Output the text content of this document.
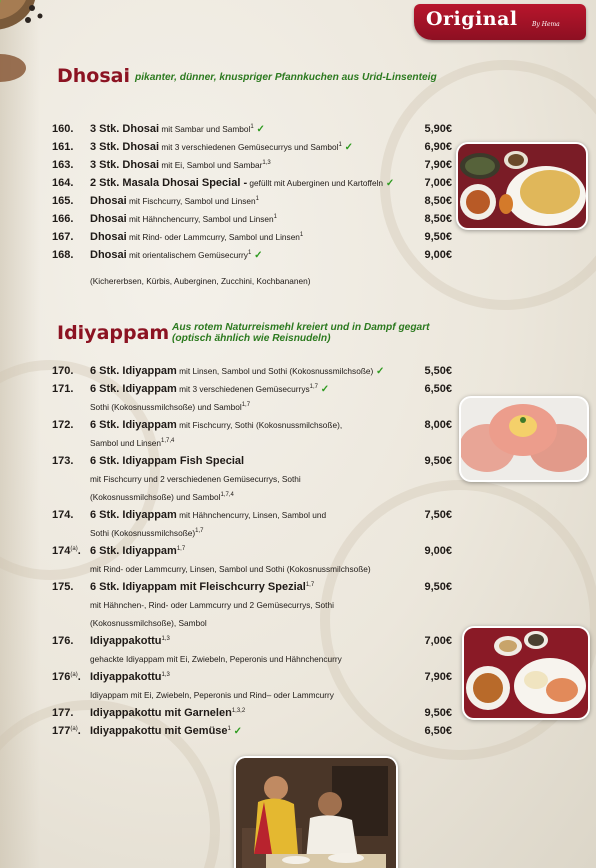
Original By Hema
Dhosai pikanter, dünner, knuspriger Pfannkuchen aus Urid-Linsenteig
160.	3 Stk. Dhosai mit Sambar und Sambol$^1$ ✓	5,90€
161.	3 Stk. Dhosai mit 3 verschiedenen Gemüsecurrys und Sambol$^1$ ✓	6,90€
163.	3 Stk. Dhosai mit Ei, Sambol und Sambar$^{1,3}$	7,90€
164.	2 Stk. Masala Dhosai Special - gefüllt mit Auberginen und Kartoffeln ✓	7,00€
165.	Dhosai mit Fischcurry, Sambol und Linsen$^1$	8,50€
166.	Dhosai mit Hähnchencurry, Sambol und Linsen$^1$	8,50€
167.	Dhosai mit Rind- oder Lammcurry, Sambol und Linsen$^1$	9,50€
168.	Dhosai mit orientalischem Gemüsecurry$^1$ ✓	9,00€
(Kichererbsen, Kürbis, Auberginen, Zucchini, Kochbananen)
Idiyappam Aus rotem Naturreismehl kreiert und in Dampf gegart
(optisch ähnlich wie Reisnudeln)
170.	6 Stk. Idiyappam mit Linsen, Sambol und Sothi (Kokosnussmilchsoße) ✓	5,50€
171.	6 Stk. Idiyappam mit 3 verschiedenen Gemüsecurrys$^{1,7}$ ✓	6,50€
Sothi (Kokosnussmilchsoße) und Sambol$^{1,7}$
172.	6 Stk. Idiyappam mit Fischcurry, Sothi (Kokosnussmilchsoße),	8,00€
Sambol und Linsen$^{1,7,4}$
173.	6 Stk. Idiyappam Fish Special	9,50€
mit Fischcurry und 2 verschiedenen Gemüsecurrys, Sothi
(Kokosnussmilchsoße) und Sambol$^{1,7,4}$
174.	6 Stk. Idiyappam mit Hähnchencurry, Linsen, Sambol und	7,50€
Sothi (Kokosnussmilchsoße)$^{1,7}$
174$^{(a)}$. 6 Stk. Idiyappam$^{1,7}$	9,00€
mit Rind- oder Lammcurry, Linsen, Sambol und Sothi (Kokosnussmilchsoße)
175.	6 Stk. Idiyappam mit Fleischcurry Spezial$^{1,7}$	9,50€
mit Hähnchen-, Rind- oder Lammcurry und 2 Gemüsecurrys, Sothi
(Kokosnussmilchsoße), Sambol
176.	Idiyappakottu$^{1,3}$	7,00€
gehackte Idiyappam mit Ei, Zwiebeln, Peperonis und Hähnchencurry
176$^{(a)}$. Idiyappakottu$^{1,3}$	7,90€
Idiyappam mit Ei, Zwiebeln, Peperonis und Rind– oder Lammcurry
177.	Idiyappakottu mit Garnelen$^{1,3,2}$	9,50€
177$^{(a)}$. Idiyappakottu mit Gemüse$^1$ ✓	6,50€
